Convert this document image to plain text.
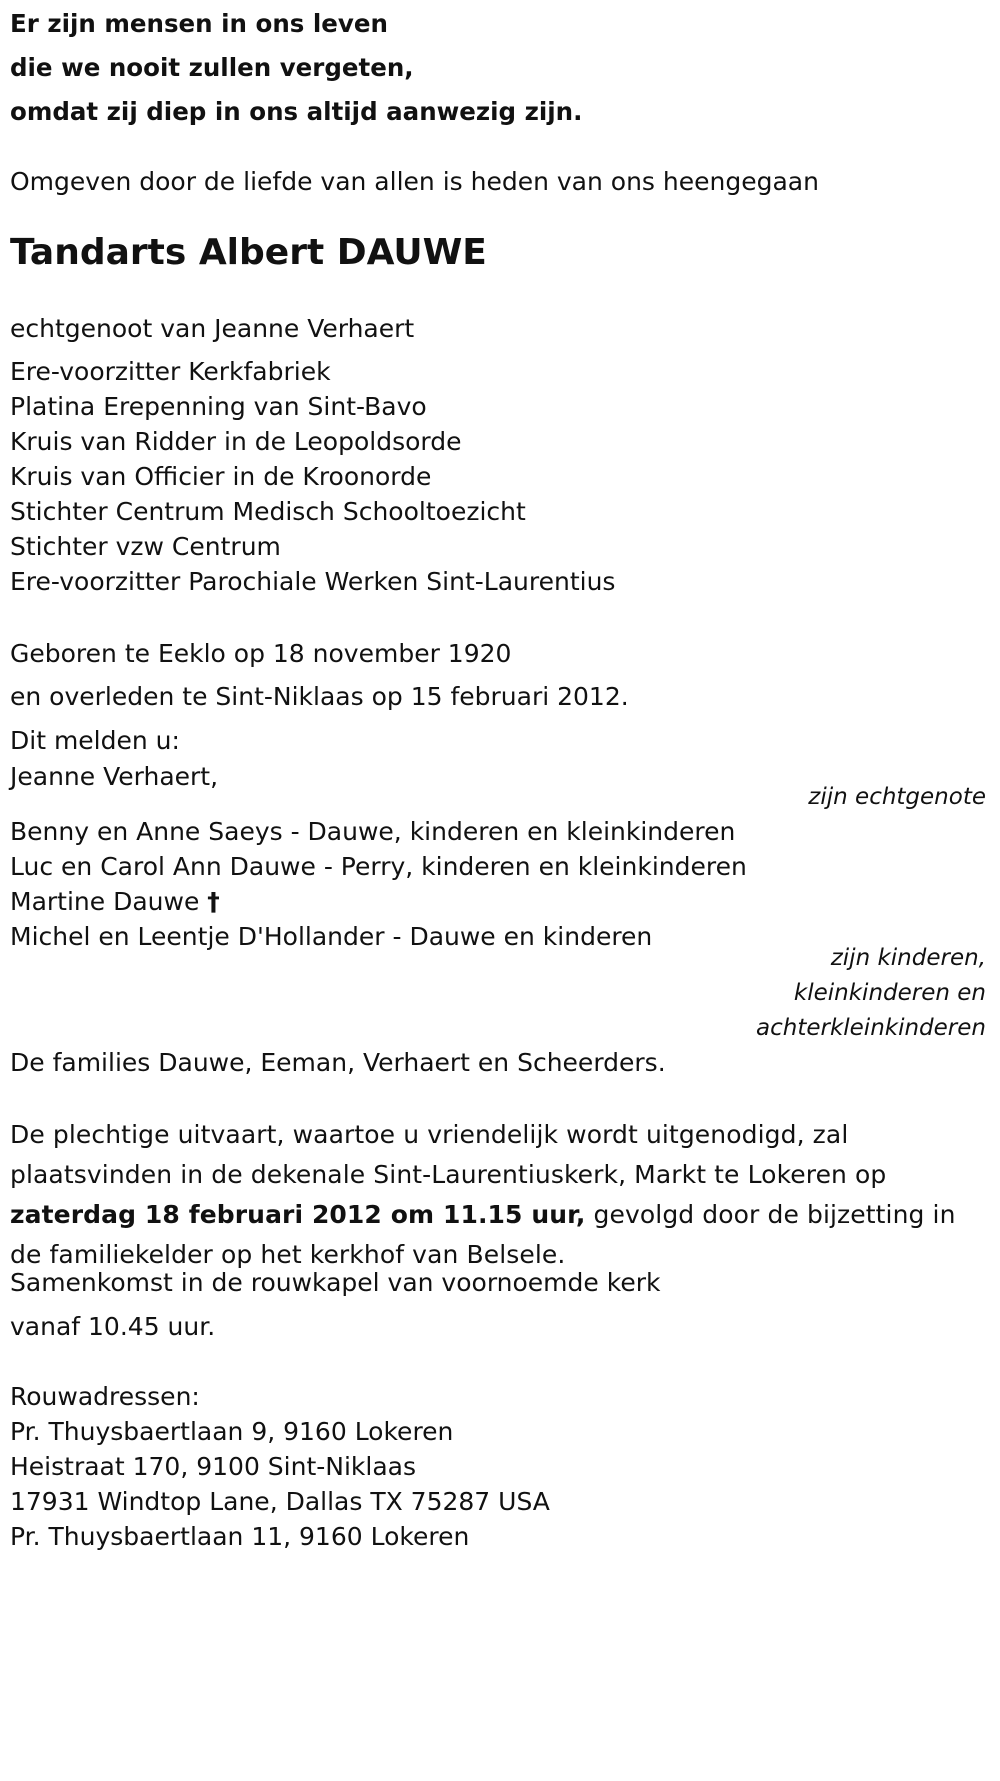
Er zijn mensen in ons leven
die we nooit zullen vergeten,
omdat zij diep in ons altijd aanwezig zijn.
Omgeven door de liefde van allen is heden van ons heengegaan
Tandarts Albert DAUWE
echtgenoot van Jeanne Verhaert
Ere-voorzitter Kerkfabriek
Platina Erepenning van Sint-Bavo
Kruis van Ridder in de Leopoldsorde
Kruis van Officier in de Kroonorde
Stichter Centrum Medisch Schooltoezicht
Stichter vzw Centrum
Ere-voorzitter Parochiale Werken Sint-Laurentius
Geboren te Eeklo op 18 november 1920
en overleden te Sint-Niklaas op 15 februari 2012.
Dit melden u:
Jeanne Verhaert,
zijn echtgenote
Benny en Anne Saeys - Dauwe, kinderen en kleinkinderen
Luc en Carol Ann Dauwe - Perry, kinderen en kleinkinderen
Martine Dauwe †
Michel en Leentje D'Hollander - Dauwe en kinderen
zijn kinderen,
kleinkinderen en
achterkleinkinderen
De families Dauwe, Eeman, Verhaert en Scheerders.
De plechtige uitvaart, waartoe u vriendelijk wordt uitgenodigd, zal plaatsvinden in de dekenale Sint-Laurentiuskerk, Markt te Lokeren op zaterdag 18 februari 2012 om 11.15 uur, gevolgd door de bijzetting in de familiekelder op het kerkhof van Belsele.
Samenkomst in de rouwkapel van voornoemde kerk
vanaf 10.45 uur.
Rouwadressen:
Pr. Thuysbaertlaan 9, 9160 Lokeren
Heistraat 170, 9100 Sint-Niklaas
17931 Windtop Lane, Dallas TX 75287 USA
Pr. Thuysbaertlaan 11, 9160 Lokeren
